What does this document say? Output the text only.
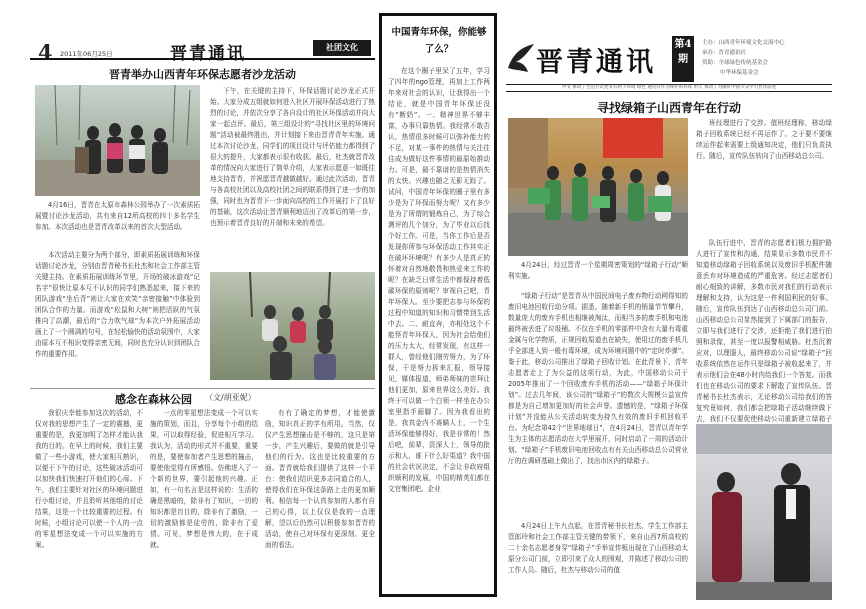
4 2011年06月25日	晋青通讯	社团文化
晋青举办山西青年环保志愿者沙龙活动
4月16日，晋青在太原市森林公园举办了一次素质拓展暨讨论沙龙活动，共有来自12所高校的四十多名学生参加。本次活动也是晋青改革以来的首次大型活动。
本次活动主要分为两个部分，即素质拓展训练和环保话题讨论沙龙，分别由晋青秘书长杜杰和社会工作部主管关键主持。在素质拓展训练环节里，开场的破冰游戏“记名字”很快让原本互不认识的同学们熟悉起来，接下来的团队游戏“坐后背”则让大家在欢笑“亲密接触”中体验到团队合作的力量。而游戏“松鼠和大树”则把活跃的气氛推向了高潮，最后的“合力吹气球”为本次户外拓展活动画上了一个圆满的句号，在轻松愉快的活动氛围中，大家由原本互不相识变得亲密无间，同时也充分认识到团队合作的重要作用。
下午，在关键的主持下，环保话题讨论沙龙正式开始。大家分成五组就如何进入社区开展环保活动进行了热烈的讨论，并依次分享了各自设计的社区环保活动并向大家一起点评。最后，第三组设计的“寻找社区里的环境问题”活动被最终胜出，并计划接下来由晋青青年实施。通过本次讨论沙龙，同学们的项目设计与评估能力都得到了很大的提升，大家都表示很有收获。最后，杜杰就晋青改革的情况向大家进行了简单介绍，大家表示愿意一如既往地支持晋青，并祝愿晋青越做越好。通过此次活动，晋青与各高校社团以及高校社团之间的联系得到了进一步的加强，同时也为晋青下一步面向高校的工作开展打下了良好的基础，这次活动让晋青顺利地迈出了改革后的第一步，也预示着晋青良好的开端和未来的希望。
感念在森林公园 （文/胡亚妮）
我很庆幸能参加这次的活动，不仅对我的思想产生了一定的震撼，更重要的是，我更加明了怎样才能认我我的目的。在早上的时候，我们主要做了一些小游戏，使大家相互熟识，以便于下午的讨论，这些破冰活动可以加快我们快速打开他们的心扉。下午，我们主要针对社区的环境问题进行小组讨论，并且聆听其他组的讨论结果，这是一个比较重要的过程。有时候，小组讨论可以使一个人的一点的零星想法变成一个可以实施的方案。
一点的零星想法变成一个可以实施的策划，而且，分享每个小组的结果，可以取得经验，促进相互学习。我认为，活动的形式并不重要，重要的是，要使参加者产生思想的撞击，要使他觉得有所感悟。仿佛进入了一个新的世界，要引起他的兴趣。正如，有一句名言是这样说的：生活的确是黑暗的，除非有了知识，一切的知识都是盲目的，除非有了激励，一切的激励都是徒劳的，除非有了爱情。可见，梦想是伟大的，在于成就。
有有了确定的梦想，才能使激励，知识真正的学有所用。当然，仅仅产生思想撞击是不够的，这只是第一步，产生兴趣后，要做的就是引导他们的行为。这也是比较重要的方面。晋青就给我们提供了这样一个平台：使我们结识更多志同道合的人，使得我们在环保这条路上走的更加顺利。相信每一个认真参加的人都有自己的心得，以上仅仅是我的一点理解，望以后仍然可以积极参加晋青的活动，使自己对环保有更深刻、更全面的看法。
中国青年环保，你能够了么？
在这个圈子里呆了五年，学习了四年的ngo管理，再加上工作两年来对社会的认识，让我得出一个结论，就是中国青年环保还没有“断奶”。一、精神世界不够丰富，办事只靠热情。我经常不敢否认，热情很多时候可以弥补能力的不足，对某一事件的热情与关注往往成为做好这件事情的最原始推动力。可是，最不靠谱的是热情消失的太快。兴趣也随之无影无踪了。试问，中国青年环保的圈子里有多少是为了环保而努力呢？又有多少是为了所谓的锻炼自己，为了综合测评的几个加分，为了毕业以后找个好工作。可是，当你工作后是否发现你所参与环保活动工作其实正在破坏环境呢？有多少人是真正的怀着对自然地敬畏和热爱来工作的呢？在缺乏日常生活中都保持着低碳环保的原则呢？审视自己吧，青年环保人。至少要把志参与环保的过程中知道的知识和习惯带到生活中去。二、耐直奔，亦相处这个不能怪青年环保人，因为社会给他们的压力太大，经常发现，有这样一群人，曾经他们刚劳努力，为了环保，干是努力拆来汇报，领导接见，媒体报道，师弟师妹的崇拜让他们更加，原来世界这么美好。我终于可以做一个白领一样坐在办公室里指手画脚了。因为我看出的是，我真金内不赛瞒人士，一个生活环保能够得好，我是非常的！然后吧，前辈，资深人士，领导的批示和人，谁下什么好渠道？我中国的社会状况决定，不会让非政府组织顺利的发展，中国的精英们都在文官集团吧。企业
晋青通讯
第4期
主办：山西青年环境文化交流中心
承办：晋青通讯社
资助：全球绿色传统基金会
中华环保基金会
中文 推动了生活方式更多有利于环境 绿色 遇见有作为保护的环境 恒久 推动了为做好中国大众学习晋青前进
寻找绿箱子山西青年在行动
4月24日，经过晋青一个星期周密策划的“绿箱子行动”顺利实施。
班经理进行了交涉。值班经理称，移动绿箱子回收系统已经不再运作了。之于要不要继续运作起来需要上级通知决定，他们只负责执行。随后，宣传队伍转向了山西移动总公司。
队伍行进中，晋青的志愿者们极力拥护路人进行了宣传和沟通，结果显示多数市民并不知道移动绿箱子回收系统以及废旧手机配件随意丢弃对环境造成的严重危害。经过志愿者们耐心细致的讲解，多数市民对我们的行动表示理解和支持，认为这是一件利国利民的好事。随后，宣传队伍到达了山西移动总公司门前。山西移动总公司显然接到了下属部门的报告，立即与我们进行了交涉，还拒绝了我们进行拍照和录像，甚至一度以报警相威胁。杜杰沉着应对，以理服人，最终移动公司说“绿箱子”回收系统依然在运作只是绿箱子被收起来了，并表示他们会在48小时内给我们一个答复。而我们也在移动公司的要求下解散了宣传队伍。晋青秘书长杜杰表示，无论移动公司给我们的答复究竟如何，我们都会把绿箱子活动继续做下去，我们不仅要促使移动公司重新建立绿箱子
“绿箱子行动”是晋青从中国民间电子废弃物行动网得知的废旧电池回收行动分项。据悉，随着新手机的销量节节攀升，数量庞大的废弃手机也相继被淘汰，而相当多的废手机和电池最终被丢进了垃圾桶。不仅在手机的零部件中含有大量有毒重金属与化学物质，正规回收渠道也在缺失，使用过的废手机几乎全部进入到一般有毒环境，成为环境问题中的“定时炸弹”。鉴于此，移动公司推出了绿箱子回收计划。在此背景下，青年志愿者走上了为公益的这项行动，为此，中国移动公司于2005年推出了一个回收废弃手机的活动——“绿箱子环保计划”。过去几年间，该公司的“绿箱子”的数次大规模公益宣传都是为自己增加更加好的社会声誉。遗憾的是，“绿箱子环保计划”并没能从公关活动转变为持久有效的废旧手机回收平台。为纪念第42个“世界地球日”，在4月24日，晋青以青年学生为主体的志愿活动在大学里展开，同时启动了一周的活动计划。“绿箱子”手机废旧电池回收点有有关山西移动总公司营业厅的在调研基础上做出了，找出市区内的绿箱子。
4月24日上午九点起，在晋青秘书长杜杰、学生工作部主管郎玲和社会工作部主管关键的带领下，来自山西7所高校的二十余名志愿者身穿“绿箱子”手举宣传板出现在了山西移动太原分公司门前，立即引来了众人的围观，并陈述了移动公司的工作人员。随后，杜杰与移动公司的值
